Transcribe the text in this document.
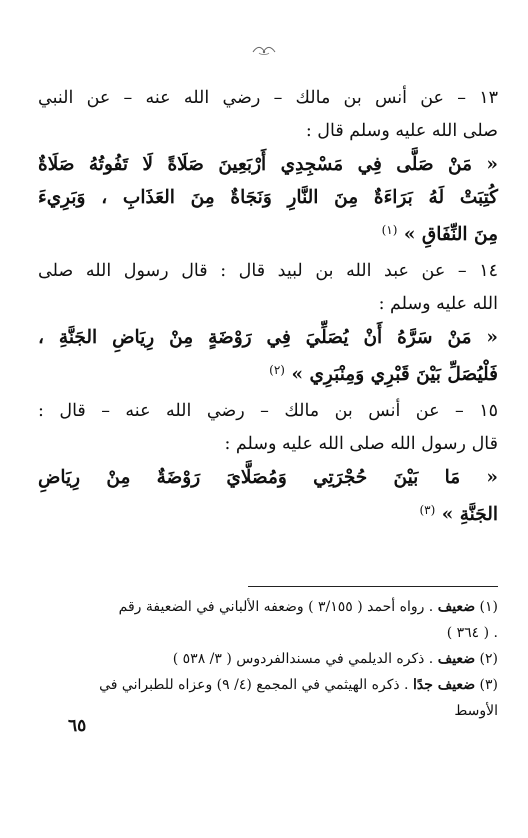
١٣ – عن أنس بن مالك – رضي الله عنه – عن النبي
صلى الله عليه وسلم قال :
« مَنْ صَلَّى فِي مَسْجِدِي أَرْبَعِينَ صَلَاةً لَا تَفُوتُهُ صَلَاةٌ
كُتِبَتْ لَهُ بَرَاءَةٌ مِنَ النَّارِ وَنَجَاةٌ مِنَ العَذَابِ ، وَبَرِيءَ
مِنَ النِّفَاقِ » $^{(١)}$
١٤ – عن عبد الله بن لبيد قال : قال رسول الله صلى
الله عليه وسلم :
« مَنْ سَرَّهُ أَنْ يُصَلِّيَ فِي رَوْضَةٍ مِنْ رِيَاضِ الجَنَّةِ ،
فَلْيُصَلِّ بَيْنَ قَبْرِي وَمِنْبَرِي » $^{(٢)}$
١٥ – عن أنس بن مالك – رضي الله عنه – قال :
قال رسول الله صلى الله عليه وسلم :
« مَا بَيْنَ حُجْرَتِي وَمُصَلَّايَ رَوْضَةٌ مِنْ رِيَاضِ
الجَنَّةِ » $^{(٣)}$
(١) ضعيف . رواه أحمد ( ٣/١٥٥ ) وضعفه الألباني في الضعيفة رقم
. ( ٣٦٤ )
(٢) ضعيف . ذكره الديلمي في مسندالفردوس ( ٣/ ٥٣٨ )
(٣) ضعيف جدًا . ذكره الهيثمي في المجمع (٤/ ٩) وعزاه للطبراني في
الأوسط
٦٥
